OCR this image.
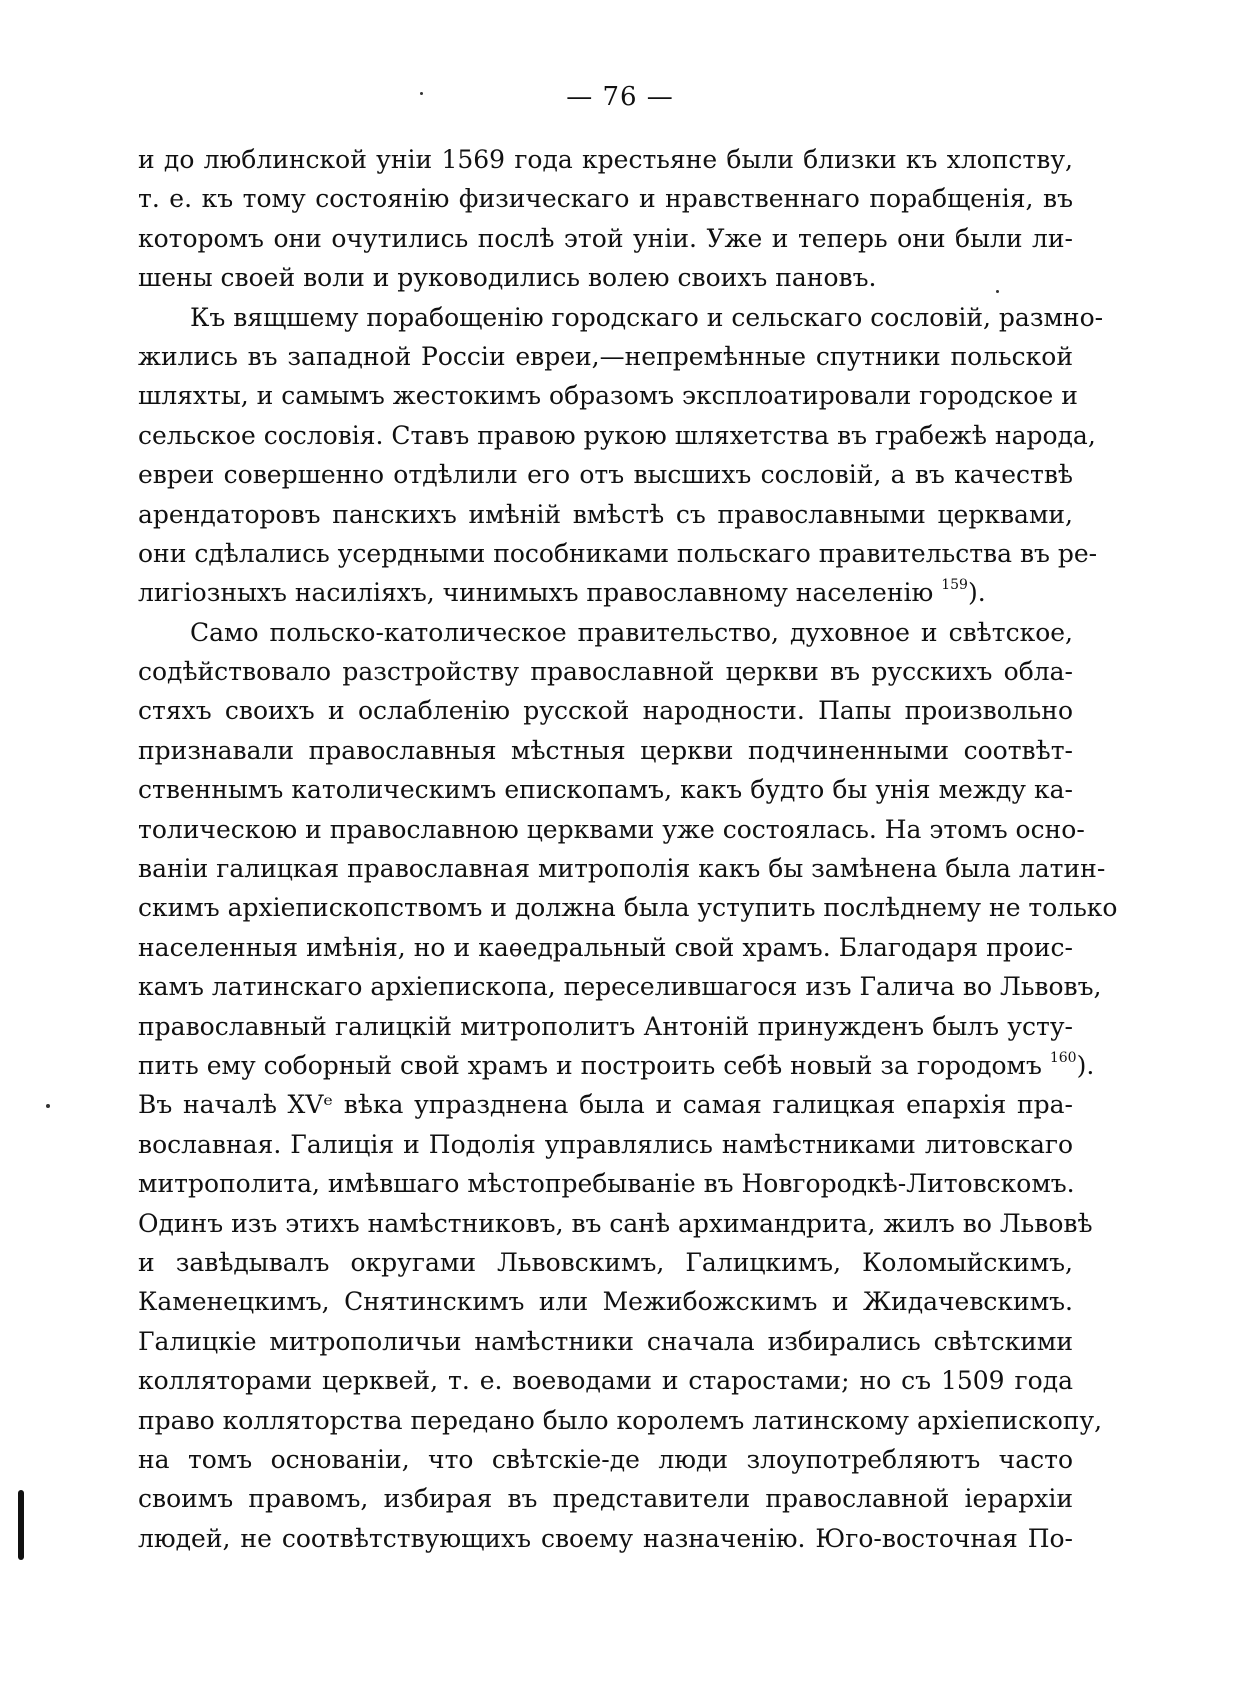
— 76 —
и до люблинской уніи 1569 года крестьяне были близки къ хлопству,
т. е. къ тому состоянію физическаго и нравственнаго порабщенія, въ
которомъ они очутились послѣ этой уніи. Уже и теперь они были ли-
шены своей воли и руководились волею своихъ пановъ.
Къ вящшему порабощенію городскаго и сельскаго сословій, размно-
жились въ западной Россіи евреи,—непремѣнные спутники польской
шляхты, и самымъ жестокимъ образомъ эксплоатировали городское и
сельское сословія. Ставъ правою рукою шляхетства въ грабежѣ народа,
евреи совершенно отдѣлили его отъ высшихъ сословій, а въ качествѣ
арендаторовъ панскихъ имѣній вмѣстѣ съ православными церквами,
они сдѣлались усердными пособниками польскаго правительства въ ре-
лигіозныхъ насиліяхъ, чинимыхъ православному населенію $^{159}$).
Само польско-католическое правительство, духовное и свѣтское,
содѣйствовало разстройству православной церкви въ русскихъ обла-
стяхъ своихъ и ослабленію русской народности. Папы произвольно
признавали православныя мѣстныя церкви подчиненными соотвѣт-
ственнымъ католическимъ епископамъ, какъ будто бы унія между ка-
толическою и православною церквами уже состоялась. На этомъ осно-
ваніи галицкая православная митрополія какъ бы замѣнена была латин-
скимъ архіепископствомъ и должна была уступить послѣднему не только
населенныя имѣнія, но и каѳедральный свой храмъ. Благодаря проис-
камъ латинскаго архіепископа, переселившагося изъ Галича во Львовъ,
православный галицкій митрополитъ Антоній принужденъ былъ усту-
пить ему соборный свой храмъ и построить себѣ новый за городомъ $^{160}$).
Въ началѣ XVᵉ вѣка упразднена была и самая галицкая епархія пра-
вославная. Галиція и Подолія управлялись намѣстниками литовскаго
митрополита, имѣвшаго мѣстопребываніе въ Новгородкѣ-Литовскомъ.
Одинъ изъ этихъ намѣстниковъ, въ санѣ архимандрита, жилъ во Львовѣ
и завѣдывалъ округами Львовскимъ, Галицкимъ, Коломыйскимъ,
Каменецкимъ, Снятинскимъ или Межибожскимъ и Жидачевскимъ.
Галицкіе митрополичьи намѣстники сначала избирались свѣтскими
колляторами церквей, т. е. воеводами и старостами; но съ 1509 года
право колляторства передано было королемъ латинскому архіепископу,
на томъ основаніи, что свѣтскіе-де люди злоупотребляютъ часто
своимъ правомъ, избирая въ представители православной іерархіи
людей, не соотвѣтствующихъ своему назначенію. Юго-восточная По-
